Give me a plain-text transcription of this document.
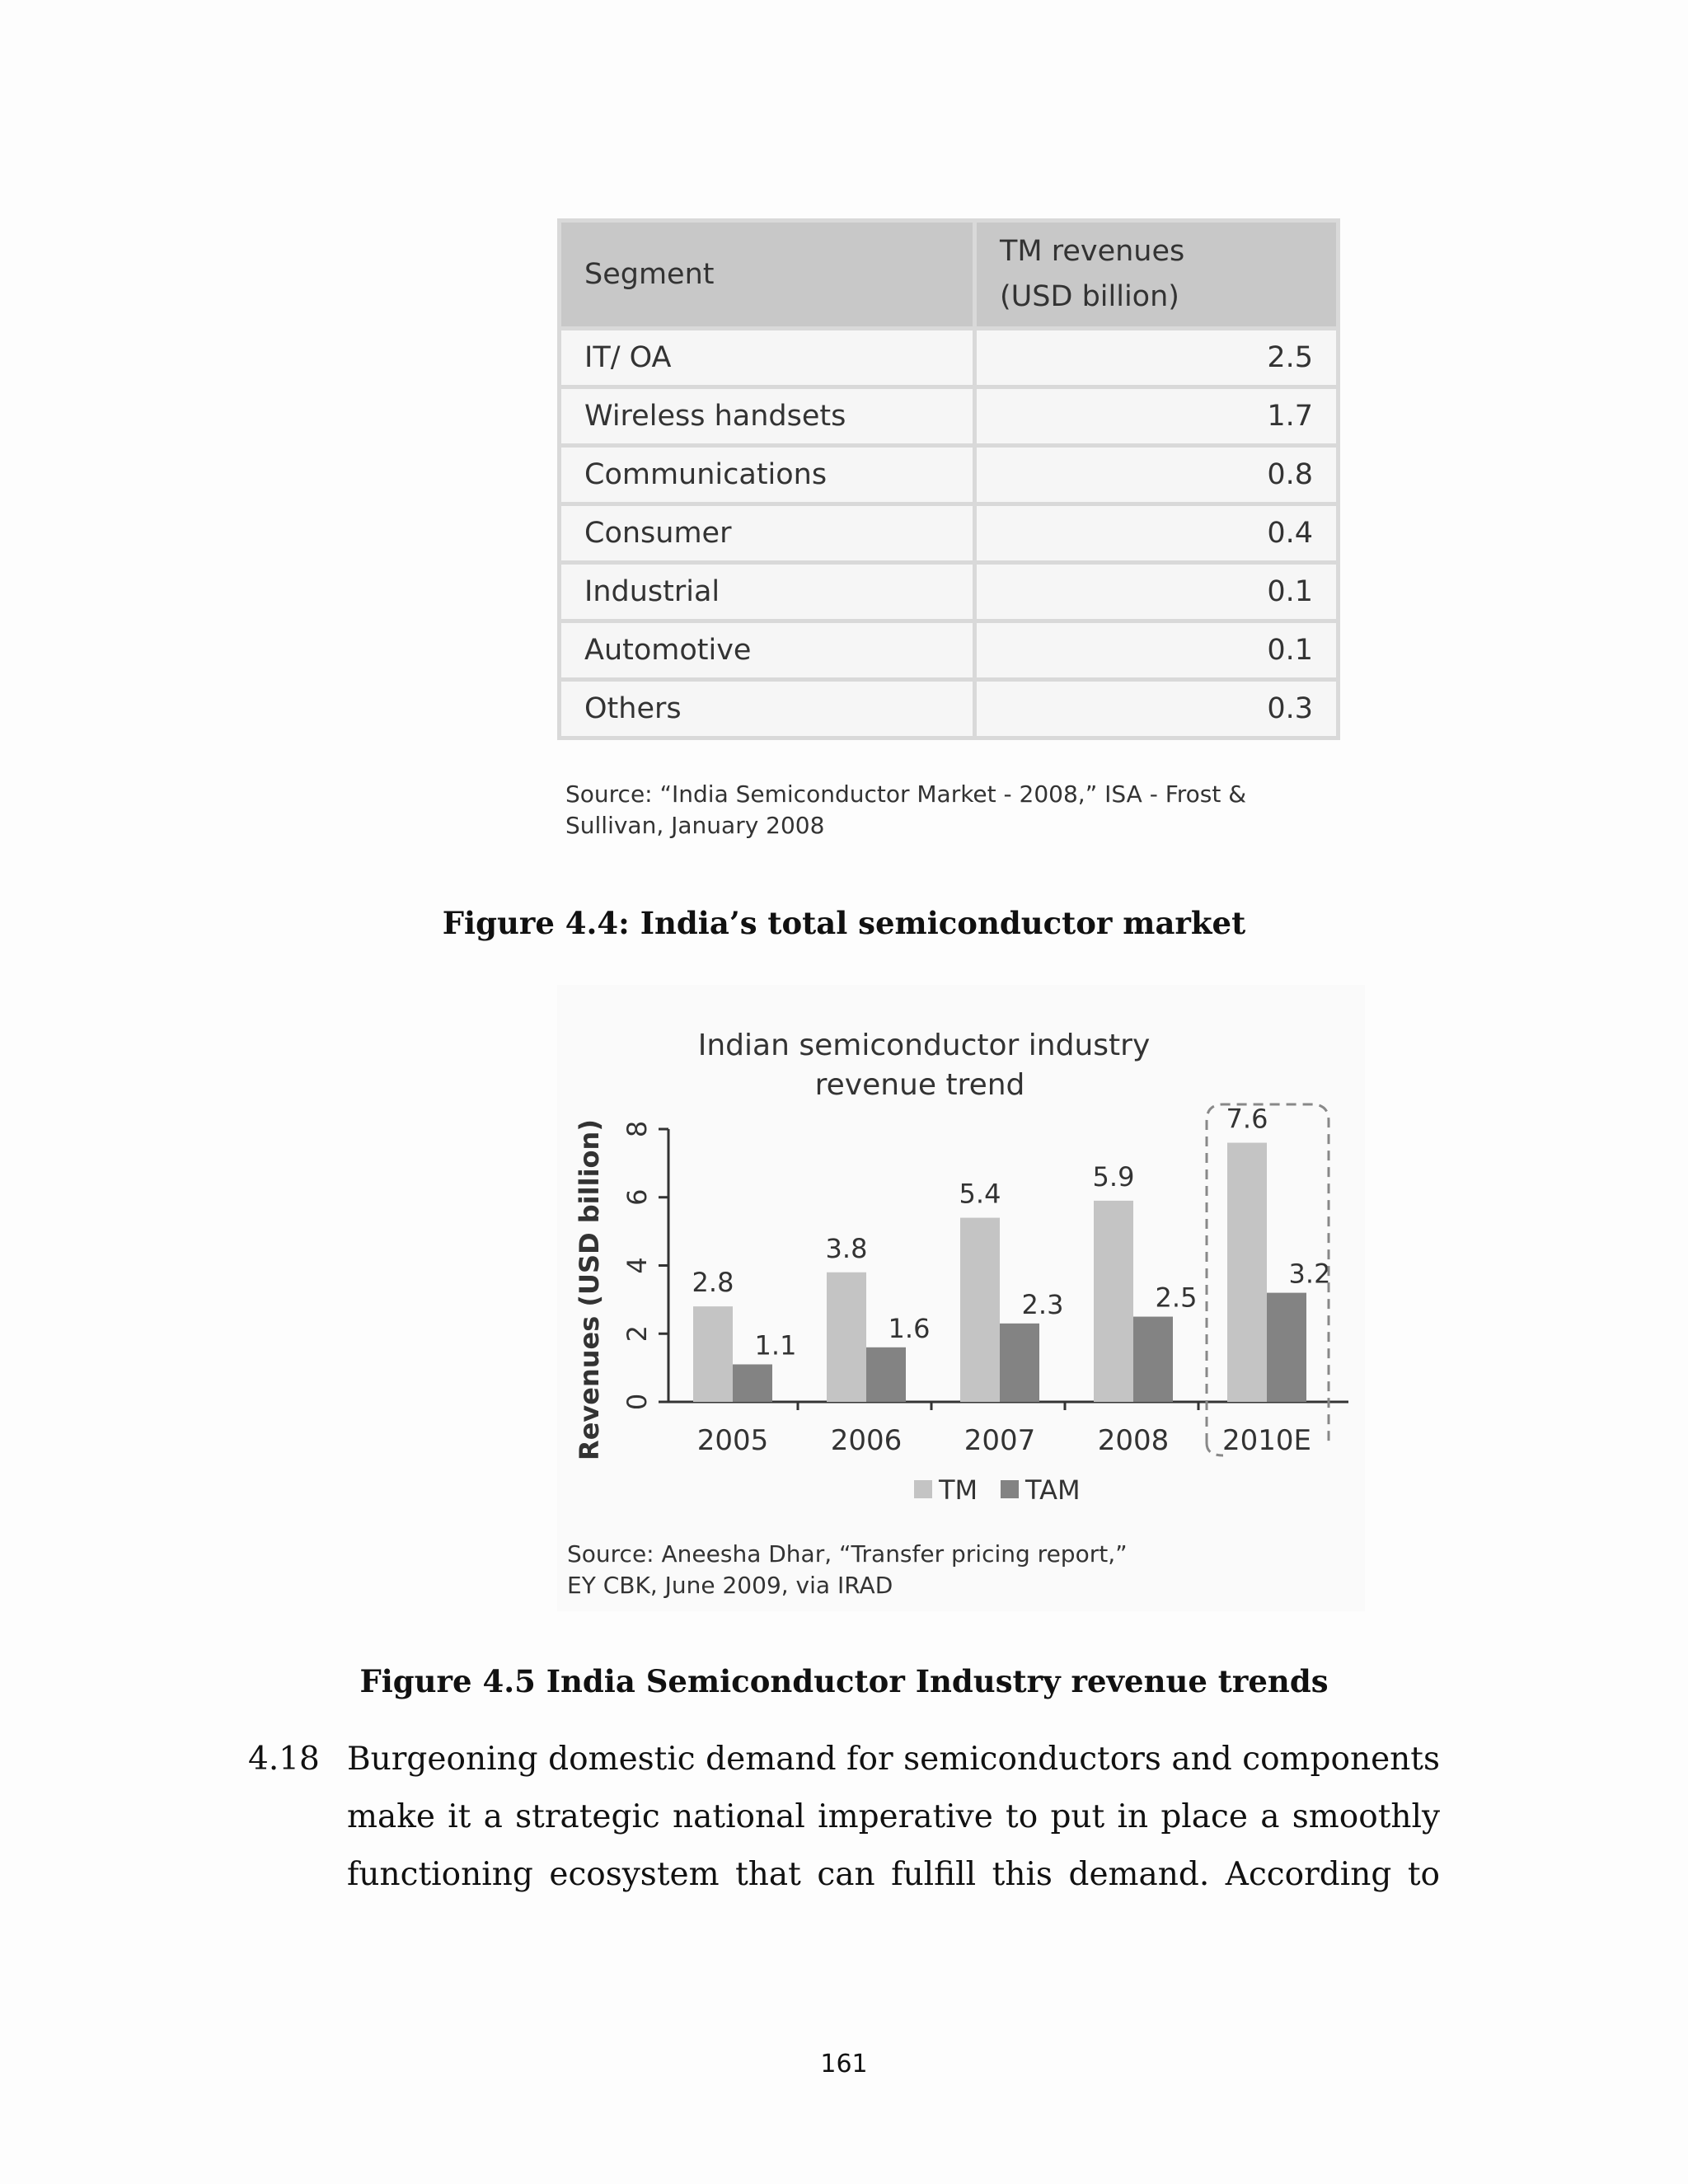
Segment	TM revenues
(USD billion)
IT/ OA	2.5
Wireless handsets	1.7
Communications	0.8
Consumer	0.4
Industrial	0.1
Automotive	0.1
Others	0.3
Source: “India Semiconductor Market - 2008,” ISA - Frost &
Sullivan, January 2008
Figure 4.4: India’s total semiconductor market
Indian semiconductor industry
revenue trend
Revenues (USD billion) 0
2
4
6
8
2.8
1.1
3.8
1.6
5.4
2.3
5.9
2.5
7.6
3.2
2005 2006 2007 2008 2010E
TM TAM
Source: Aneesha Dhar, “Transfer pricing report,”
EY CBK, June 2009, via IRAD
Figure 4.5 India Semiconductor Industry revenue trends
4.18 Burgeoning domestic demand for semiconductors and components
make it a strategic national imperative to put in place a smoothly
functioning ecosystem that can fulfill this demand. According to
161
